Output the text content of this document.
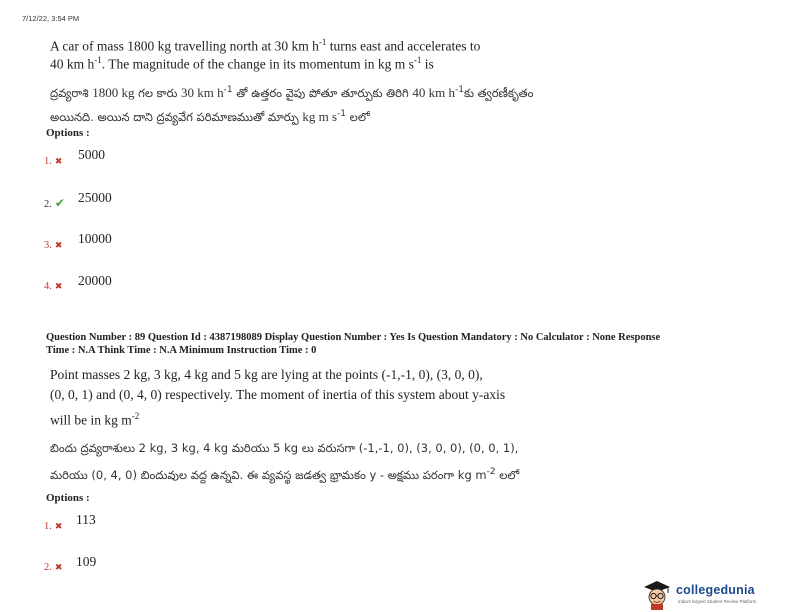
7/12/22, 3:54 PM
A car of mass 1800 kg travelling north at 30 km $h^{-1}$ turns east and accelerates to
40 km $h^{-1}$. The magnitude of the change in its momentum in kg m $s^{-1}$ is
ద్రవ్యరాశి 1800 kg గల కారు 30 km $h^{-1}$ తో ఉత్తరం వైపు పోతూ తూర్పుకు తిరిగి 40 km $h^{-1}కు$ త్వరణీకృతం
అయినది. అయిన దాని ద్రవ్యవేగ పరిమాణముతో మార్పు kg m $s^{-1}$ లలో
Options :
1. ✖ 5000
2. ✔ 25000
3. ✖ 10000
4. ✖ 20000
Question Number : 89 Question Id : 4387198089 Display Question Number : Yes Is Question Mandatory : No Calculator : None Response
Time : N.A Think Time : N.A Minimum Instruction Time : 0
Point masses 2 kg, 3 kg, 4 kg and 5 kg are lying at the points (-1,-1, 0), (3, 0, 0),
(0, 0, 1) and (0, 4, 0) respectively. The moment of inertia of this system about y-axis
will be in kg $m^{-2}$
బిందు ద్రవ్యరాశులు 2 kg, 3 kg, 4 kg మరియు 5 kg లు వరుసగా (-1,-1, 0), (3, 0, 0), (0, 0, 1),
మరియు (0, 4, 0) బిందువుల వద్ద ఉన్నవి. ఈ వ్యవస్థ జడత్వ భ్రామకం y - అక్షము పరంగా kg $m^{-2}$ లలో
Options :
1. ✖ 113
2. ✖ 109
collegedunia
India's largest Student Review Platform
